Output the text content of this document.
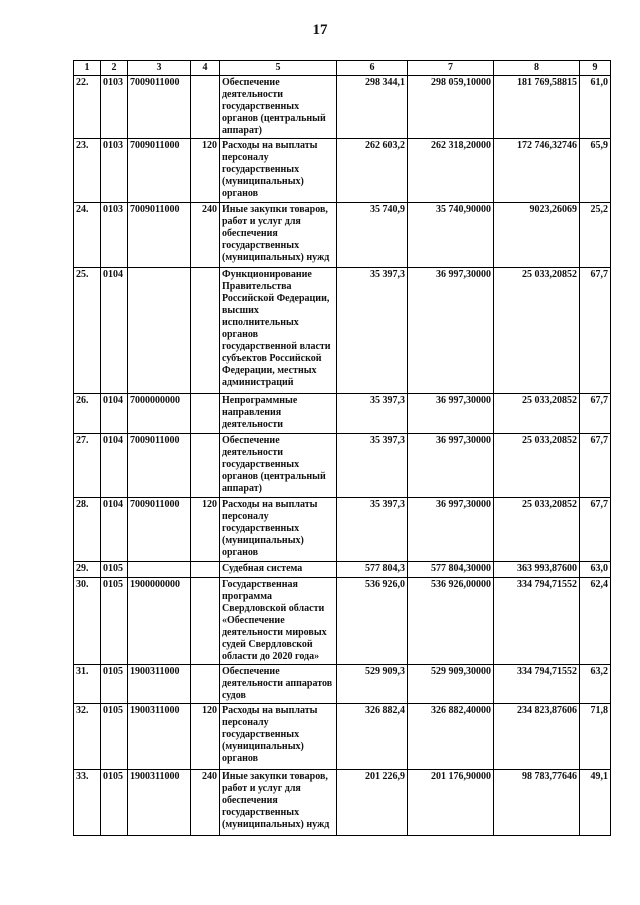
17
1	2	3	4	5	6	7	8	9
22.	0103	7009011000		Обеспечение деятельности государственных органов (центральный аппарат)	298 344,1	298 059,10000	181 769,58815	61,0
23.	0103	7009011000	120	Расходы на выплаты персоналу государственных (муниципальных) органов	262 603,2	262 318,20000	172 746,32746	65,9
24.	0103	7009011000	240	Иные закупки товаров, работ и услуг для обеспечения государственных (муниципальных) нужд	35 740,9	35 740,90000	9023,26069	25,2
25.	0104			Функционирование Правительства Российской Федерации, высших исполнительных органов государственной власти субъектов Российской Федерации, местных администраций	35 397,3	36 997,30000	25 033,20852	67,7
26.	0104	7000000000		Непрограммные направления деятельности	35 397,3	36 997,30000	25 033,20852	67,7
27.	0104	7009011000		Обеспечение деятельности государственных органов (центральный аппарат)	35 397,3	36 997,30000	25 033,20852	67,7
28.	0104	7009011000	120	Расходы на выплаты персоналу государственных (муниципальных) органов	35 397,3	36 997,30000	25 033,20852	67,7
29.	0105			Судебная система	577 804,3	577 804,30000	363 993,87600	63,0
30.	0105	1900000000		Государственная программа Свердловской области «Обеспечение деятельности мировых судей Свердловской области до 2020 года»	536 926,0	536 926,00000	334 794,71552	62,4
31.	0105	1900311000		Обеспечение деятельности аппаратов судов	529 909,3	529 909,30000	334 794,71552	63,2
32.	0105	1900311000	120	Расходы на выплаты персоналу государственных (муниципальных) органов	326 882,4	326 882,40000	234 823,87606	71,8
33.	0105	1900311000	240	Иные закупки товаров, работ и услуг для обеспечения государственных (муниципальных) нужд	201 226,9	201 176,90000	98 783,77646	49,1
